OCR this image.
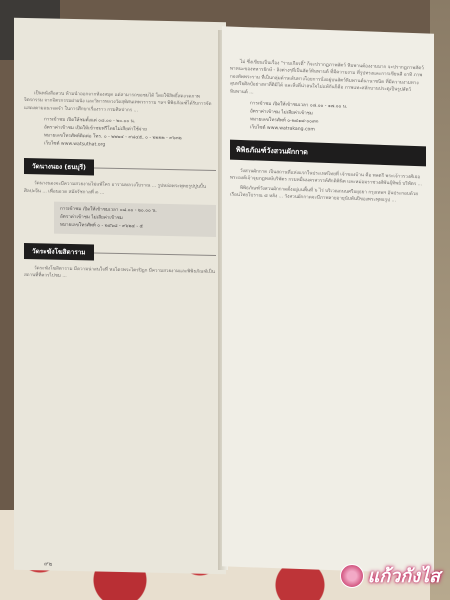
เป็นหนังสือสวน ห้ามนำออกจากห้องสมุด แต่สามารถขอชมได้ โดยใช้สิทธิ์สดงวดภาพจิตรกรรม จากจิตรกรรมฝาผนัง และวิหารหลวงวัดสุทัศนเทพวราราม ฯลฯ พิพิธภัณฑ์ได้รับการจัดแสดงตามแนวจดจำ ในการศึกษาเรื่องราว กรมศิลปากร ...

การเข้าชม เปิดให้ชมตั้งแต่ ๐๘.๐๐ - ๒๐.๐๐ น.
อัตราค่าเข้าชม เปิดให้เข้าชมฟรีโดยไม่เสียค่าใช้จ่าย
หมายเลขโทรศัพท์ติดต่อ โทร. ๐ - ๒๒๒๔ - ๙๘๔๕, ๐ - ๒๒๒๒ - ๙๖๓๒
เว็บไซต์ www.watsuthat.org
วัดนางนอง (ธนบุรี)

วัดนางนองจะมีความสวยงามไม่แพ้ใคร อารามหลวงโบราณ ... รูปหล่อพระพุทธรูปปูนปั้นศิลปะจีน ... เพื่อนอวด สมัยรัชกาลที่ ๓ ...

การเข้าชม เปิดให้เข้าชมเวลา ๐๘.๐๐ - ๒๐.๐๐ น.
อัตราค่าเข้าชม ไม่เสียค่าเข้าชม
หมายเลขโทรศัพท์ ๐ - ๒๔๖๘ - ๙๖๒๔ - ๕
วัดระฆังโฆสิตาราม

วัดระฆังโฆสิตาราม มีความน่าสนใจที่ หอไตรพระไตรปิฎก มีความสวยงามและพิพิธภัณฑ์เป็นสถานที่ที่ควรไปชม ...

๙๒

ไม่ ซึ่งเขียนเป็นเรื่อง "รามเกียรติ์" ก็จะปรากฏภาพสัตว์ หิมพานต์องงามมาก จะปรากฏภาพสัตว์พาหนะของทหารยักษ์ - ลิงต่างๆที่เป็นสัตว์หิมพานต์ ที่มีความงาม ที่รูปทรงและการเขียนสี อาทิ ภาพกองทัพพระราม ที่เป็นกลุ่มด้านเส้นทางโอยการนั่งอยู่บนสัตว์หิมพานต์นานาชนิด ที่มีความงามทางสุนทรียศิลป์อย่างหาที่ติมิได้ และสิ่งที่น่าสนใจไม่แพ้กันก็คือ ภาพแทะสลักบานประตูเป็นรูปสัตว์หิมพานต์ ...

การเข้าชม เปิดให้เข้าชมเวลา ๐๘.๐๐ - ๑๗.๐๐ น.
อัตราค่าเข้าชม ไม่เสียค่าเข้าชม
หมายเลขโทรศัพท์ ๐-๒๔๑๘-๐๐๙๓
เว็บไซต์ www.watrakang.com
พิพิธภัณฑ์วังสวนผักกาด

วังสวนผักกาด เป็นสถานที่แห่งแรกในประเทศไทยที่ เจ้าของบ้าน คือ พลตรี พระเจ้าวรวงศ์เธอ พระองค์เจ้าจุมภฏพงษ์บริพัตร กรมหมื่นนครสวรรค์ศักดิพินิต และหม่อมราชวงศ์พันธุ์ทิพย์ บริพัตร ...

พิพิธภัณฑ์วังสวนผักกาดตั้งอยู่บนพื้นที่ ๖ ไร่ บริเวณถนนศรีอยุธยา กรุงเทพฯ อันประกอบด้วยเรือนไทยโบราณ ๘ หลัง ... วังสวนผักกาดจะมีภาพลายอายุนับพันปีของพระพุทธรูป ...

แก้วกังไส
